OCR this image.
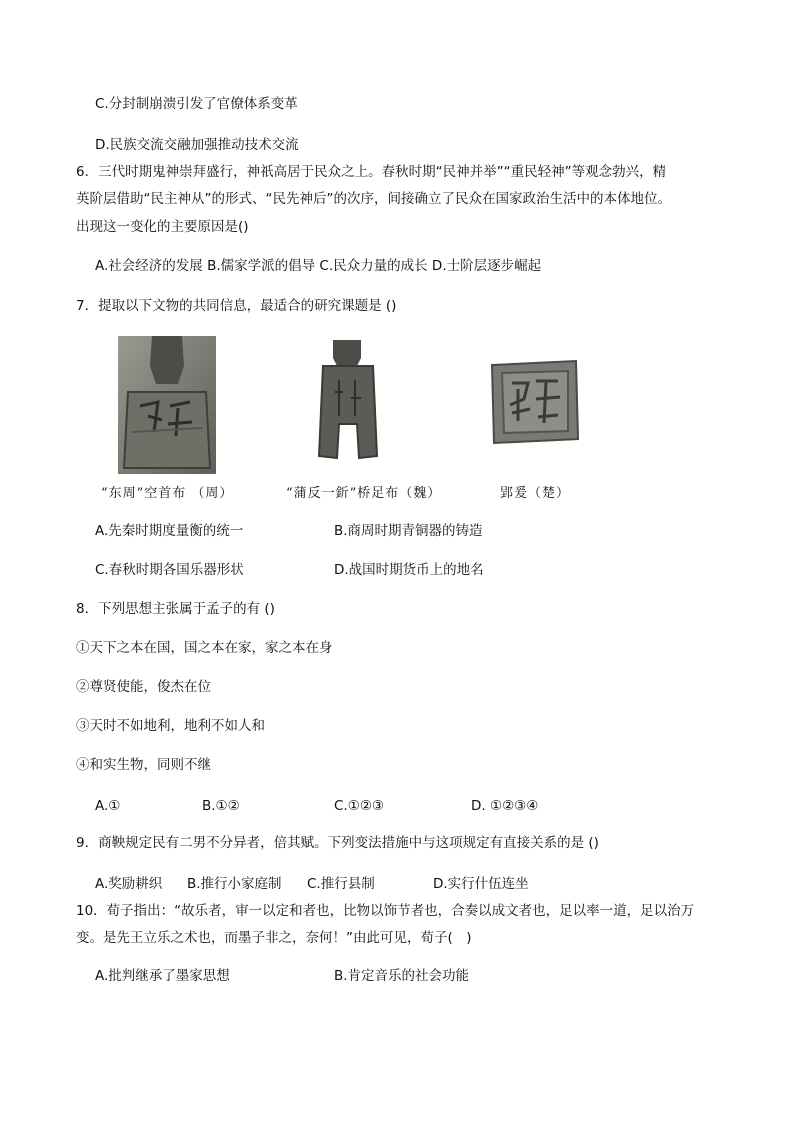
C.分封制崩溃引发了官僚体系变革
D.民族交流交融加强推动技术交流
6．三代时期鬼神崇拜盛行，神祇高居于民众之上。春秋时期“民神并举”“重民轻神”等观念勃兴，精
英阶层借助“民主神从”的形式、“民先神后”的次序，间接确立了民众在国家政治生活中的本体地位。
出现这一变化的主要原因是()
A.社会经济的发展 B.儒家学派的倡导 C.民众力量的成长 D.士阶层逐步崛起
7．提取以下文物的共同信息，最适合的研究课题是 ()
“东周”空首布 （周）	“蒲反一釿”桥足布（魏）	郢爰（楚）
A.先秦时期度量衡的统一	B.商周时期青铜器的铸造
C.春秋时期各国乐器形状	D.战国时期货币上的地名
8．下列思想主张属于孟子的有 ()
①天下之本在国，国之本在家，家之本在身
②尊贤使能，俊杰在位
③天时不如地利，地利不如人和
④和实生物，同则不继
A.①	B.①②	C.①②③	D. ①②③④
9．商鞅规定民有二男不分异者，倍其赋。下列变法措施中与这项规定有直接关系的是 ()
A.奖励耕织 B.推行小家庭制 C.推行县制	D.实行什伍连坐
10．荀子指出：“故乐者，审一以定和者也，比物以饰节者也，合奏以成文者也，足以率一道，足以治万
变。是先王立乐之术也，而墨子非之，奈何！”由此可见，荀子(　)
A.批判继承了墨家思想	B.肯定音乐的社会功能
